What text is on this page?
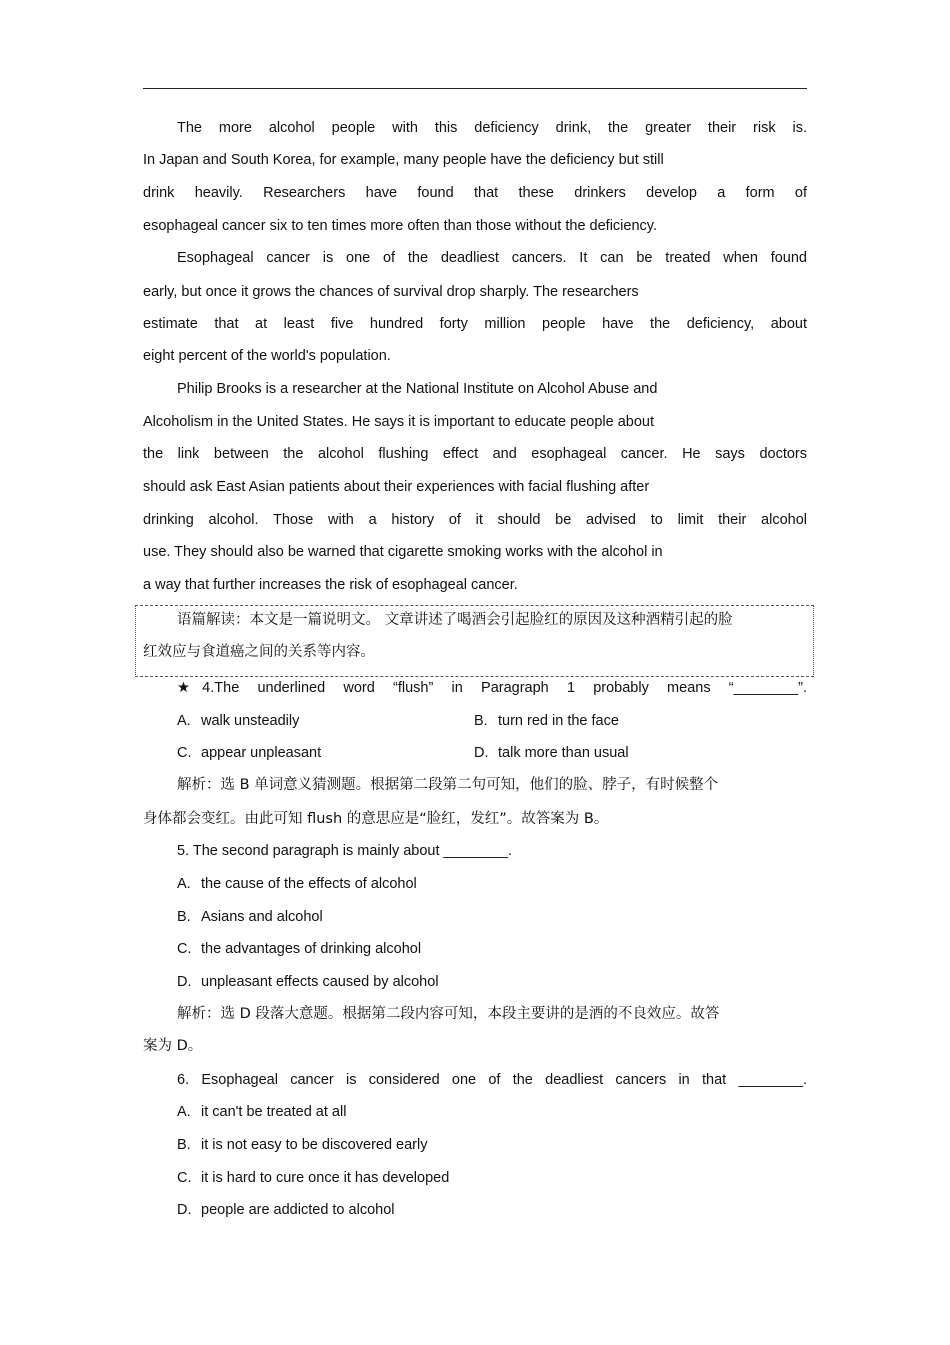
The more alcohol people with this deficiency drink, the greater their risk is.
In Japan and South Korea, for example, many people have the deficiency but still
drink heavily. Researchers have found that these drinkers develop a form of
esophageal cancer six to ten times more often than those without the deficiency.
Esophageal cancer is one of the deadliest cancers. It can be treated when found
early, but once it grows the chances of survival drop sharply. The researchers
estimate that at least five hundred forty million people have the deficiency, about
eight percent of the world's population.
Philip Brooks is a researcher at the National Institute on Alcohol Abuse and
Alcoholism in the United States. He says it is important to educate people about
the link between the alcohol flushing effect and esophageal cancer. He says doctors
should ask East Asian patients about their experiences with facial flushing after
drinking alcohol. Those with a history of it should be advised to limit their alcohol
use. They should also be warned that cigarette smoking works with the alcohol in
a way that further increases the risk of esophageal cancer.
语篇解读：本文是一篇说明文。 文章讲述了喝酒会引起脸红的原因及这种酒精引起的脸
红效应与食道癌之间的关系等内容。
★4.The underlined word “flush” in Paragraph 1 probably means “________”.
A. walk unsteadily	B. turn red in the face
C. appear unpleasant	D. talk more than usual
解析：选 B 单词意义猜测题。根据第二段第二句可知，他们的脸、脖子，有时候整个
身体都会变红。由此可知 flush 的意思应是“脸红，发红”。故答案为 B。
5. The second paragraph is mainly about ________.
A. the cause of the effects of alcohol
B. Asians and alcohol
C. the advantages of drinking alcohol
D. unpleasant effects caused by alcohol
解析：选 D 段落大意题。根据第二段内容可知，本段主要讲的是酒的不良效应。故答
案为 D。
6. Esophageal cancer is considered one of the deadliest cancers in that ________.
A. it can't be treated at all
B. it is not easy to be discovered early
C. it is hard to cure once it has developed
D. people are addicted to alcohol
